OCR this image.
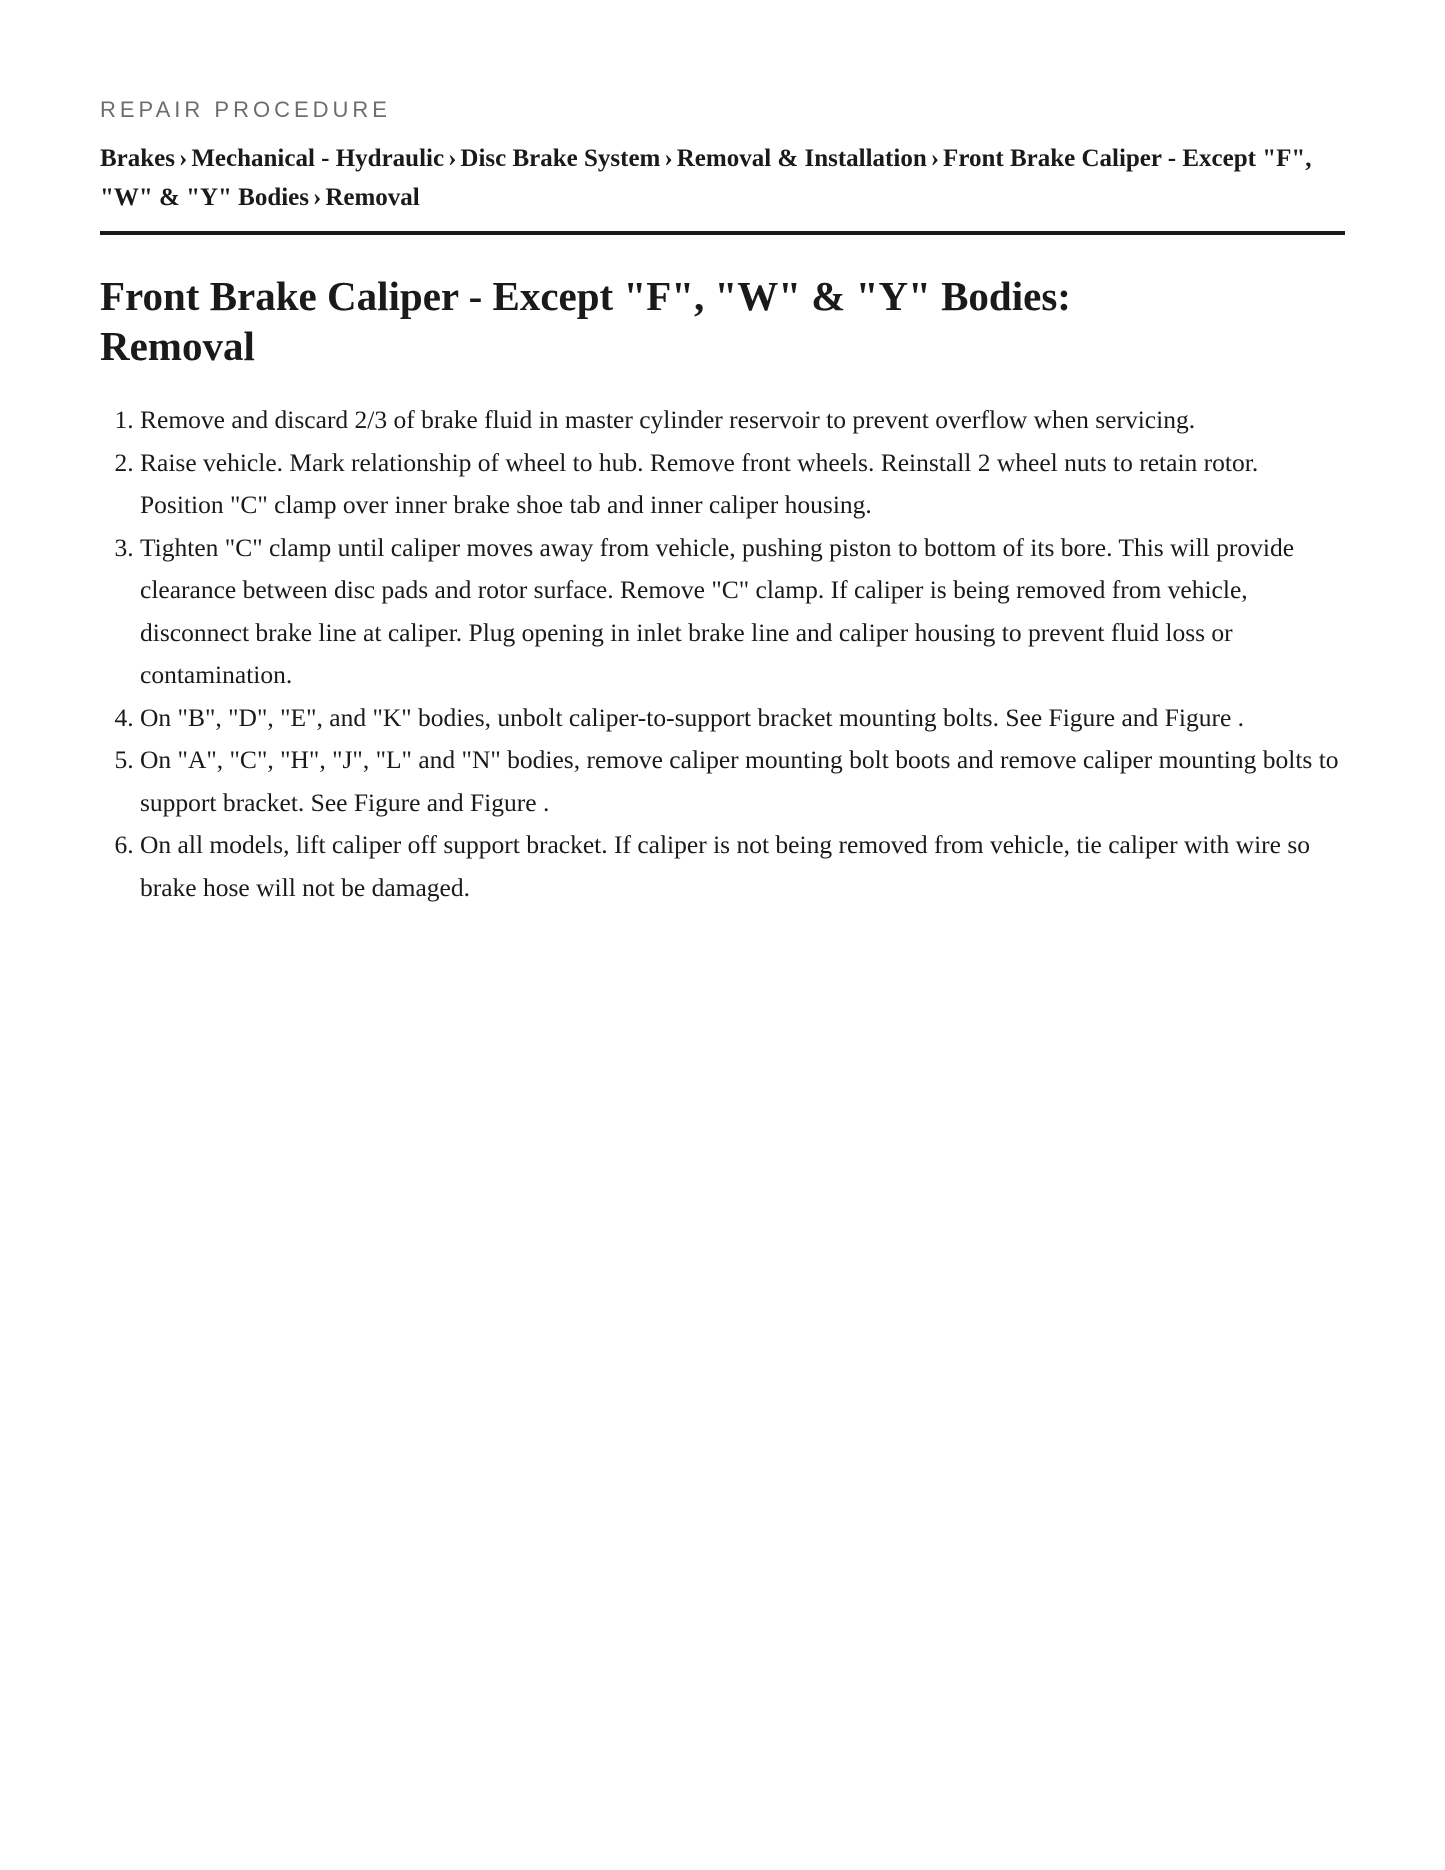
REPAIR PROCEDURE
Brakes › Mechanical - Hydraulic › Disc Brake System › Removal & Installation › Front Brake Caliper - Except "F", "W" & "Y" Bodies › Removal
Front Brake Caliper - Except "F", "W" & "Y" Bodies: Removal
1. Remove and discard 2/3 of brake fluid in master cylinder reservoir to prevent overflow when servicing.
2. Raise vehicle. Mark relationship of wheel to hub. Remove front wheels. Reinstall 2 wheel nuts to retain rotor. Position "C" clamp over inner brake shoe tab and inner caliper housing.
3. Tighten "C" clamp until caliper moves away from vehicle, pushing piston to bottom of its bore. This will provide clearance between disc pads and rotor surface. Remove "C" clamp. If caliper is being removed from vehicle, disconnect brake line at caliper. Plug opening in inlet brake line and caliper housing to prevent fluid loss or contamination.
4. On "B", "D", "E", and "K" bodies, unbolt caliper-to-support bracket mounting bolts. See Figure and Figure .
5. On "A", "C", "H", "J", "L" and "N" bodies, remove caliper mounting bolt boots and remove caliper mounting bolts to support bracket. See Figure and Figure .
6. On all models, lift caliper off support bracket. If caliper is not being removed from vehicle, tie caliper with wire so brake hose will not be damaged.
